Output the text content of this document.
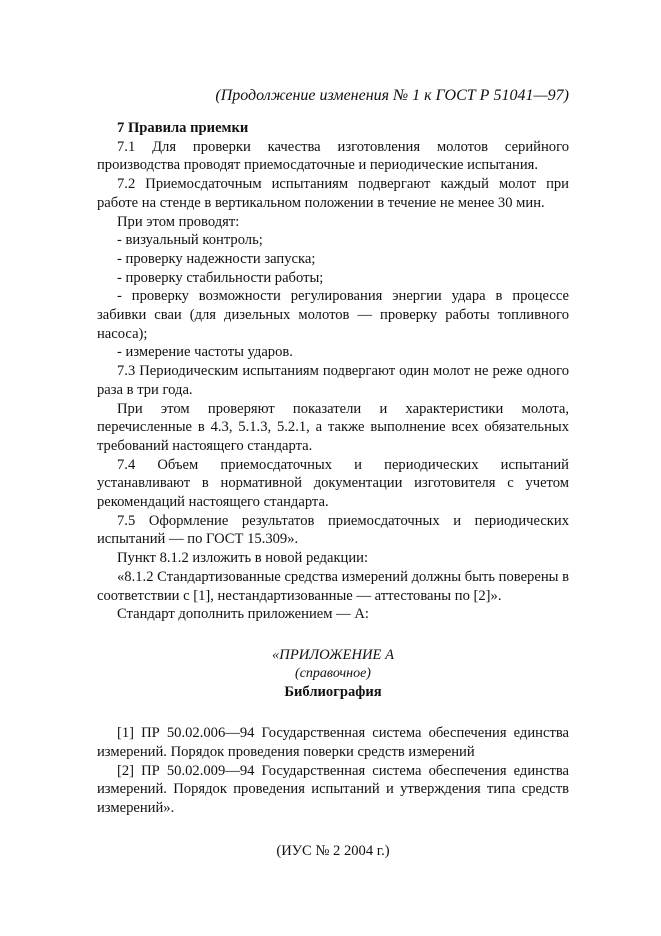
(Продолжение изменения № 1 к ГОСТ Р 51041—97)

7 Правила приемки

7.1 Для проверки качества изготовления молотов серийного производства проводят приемосдаточные и периодические испытания.

7.2 Приемосдаточным испытаниям подвергают каждый молот при работе на стенде в вертикальном положении в течение не менее 30 мин.

При этом проводят:

- визуальный контроль;

- проверку надежности запуска;

- проверку стабильности работы;

- проверку возможности регулирования энергии удара в процессе забивки сваи (для дизельных молотов — проверку работы топливного насоса);

- измерение частоты ударов.

7.3 Периодическим испытаниям подвергают один молот не реже одного раза в три года.

При этом проверяют показатели и характеристики молота, перечисленные в 4.3, 5.1.3, 5.2.1, а также выполнение всех обязательных требований настоящего стандарта.

7.4 Объем приемосдаточных и периодических испытаний устанавливают в нормативной документации изготовителя с учетом рекомендаций настоящего стандарта.

7.5 Оформление результатов приемосдаточных и периодических испытаний — по ГОСТ 15.309».

Пункт 8.1.2 изложить в новой редакции:

«8.1.2 Стандартизованные средства измерений должны быть поверены в соответствии с [1], нестандартизованные — аттестованы по [2]».

Стандарт дополнить приложением — А:

«ПРИЛОЖЕНИЕ А

(справочное)

Библиография

[1] ПР 50.02.006—94 Государственная система обеспечения единства измерений. Порядок проведения поверки средств измерений

[2] ПР 50.02.009—94 Государственная система обеспечения единства измерений. Порядок проведения испытаний и утверждения типа средств измерений».

(ИУС № 2 2004 г.)
